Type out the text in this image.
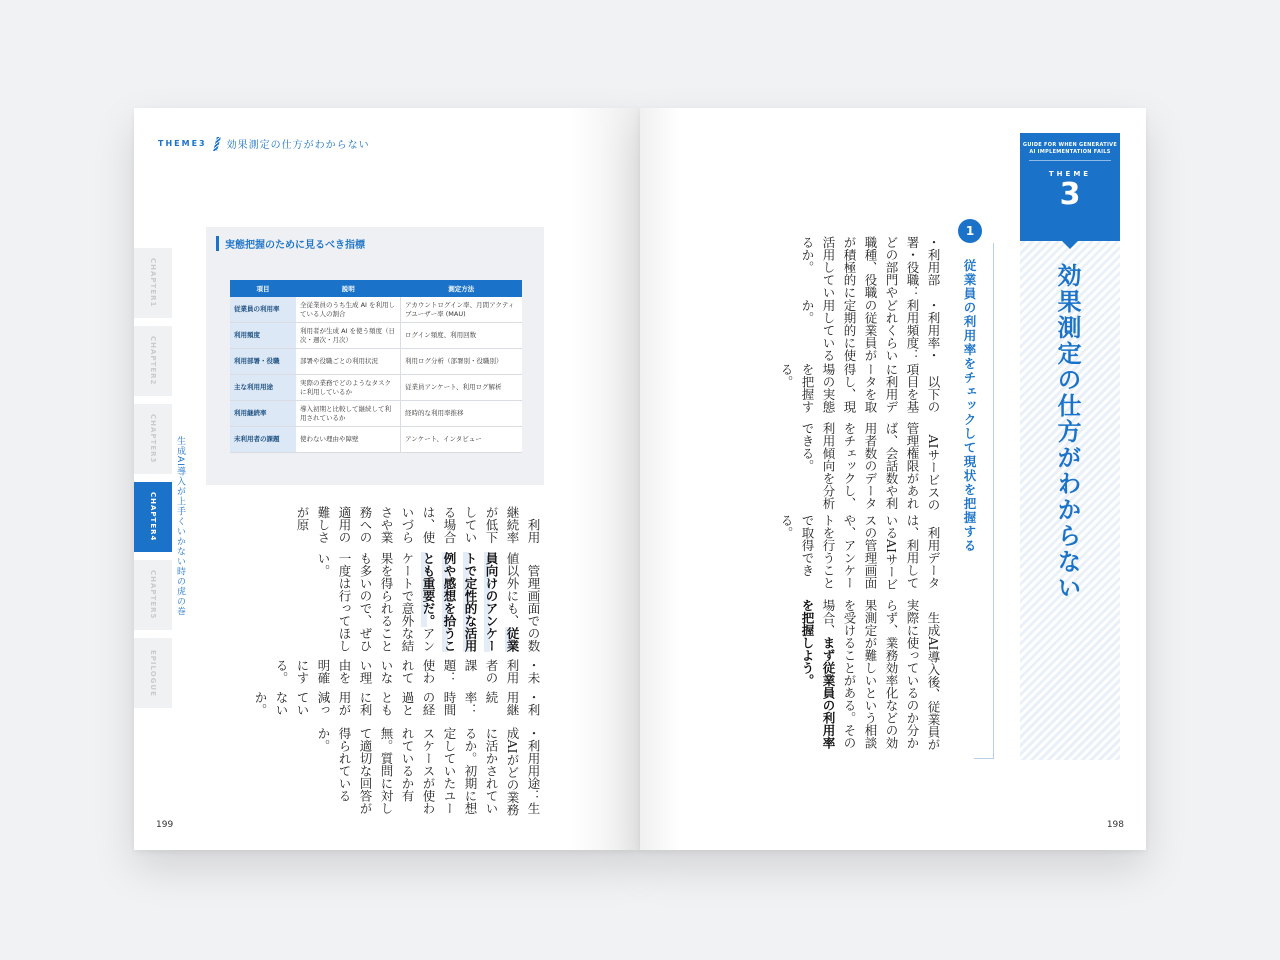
THEME3 効果測定の仕方がわからない
CHAPTER1
CHAPTER2
CHAPTER3
CHAPTER4
CHAPTER5
EPILOGUE
生成AI導入が上手くいかない時の虎の巻
実態把握のために見るべき指標
項目	説明	測定方法
従業員の利用率	全従業員のうち生成 AI を利用している人の割合	アカウントログイン率、月間アクティブユーザー率 (MAU)
利用頻度	利用者が生成 AI を使う頻度（日次・週次・月次）	ログイン頻度、利用回数
利用部署・役職	部署や役職ごとの利用状況	利用ログ分析（部署別・役職別）
主な利用用途	実際の業務でどのようなタスクに利用しているか	従業員アンケート、利用ログ解析
利用継続率	導入初期と比較して継続して利用されているか	経時的な利用率推移
未利用者の課題	使わない理由や障壁	アンケート、インタビュー

・利用用途：生成AIがどの業務に活かされているか。初期に想定していたユースケースが使われているか有無。質問に対して適切な回答が得られているか。

・利用継続率：時間の経過とともに利用が減っていないか。

・未利用者の課題：使われていない理由を明確にする。

　管理画面での数値以外にも、従業員向けのアンケートで定性的な活用例や感想を拾うことも重要だ。アンケートで意外な結果を得られることも多いので、ぜひ一度は行ってほしい。

　利用継続率が低下している場合は、使いづらさや業務への適用の難しさが原

199
GUIDE FOR WHEN GENERATIVE AI IMPLEMENTATION FAILS
THEME
3
効果測定の仕方がわからない
1
従業員の利用率をチェックして現状を把握する

　生成AI導入後、従業員が実際に使っているのか分からず、業務効率化などの効果測定が難しいという相談を受けることがある。その場合、まず従業員の利用率を把握しよう。

　利用データは、利用しているAIサービスの管理画面や、アンケートを行うことで取得できる。

　AIサービスの管理権限があれば、会話数や利用者数のデータをチェックし、利用傾向を分析できる。

　以下の項目を基に利用データを取得し、現場の実態を把握する。

・利用率・利用頻度：どれくらいの従業員が定期的に使用しているか。

・利用部署・役職：どの部門や職種、役職が積極的に活用しているか。

198
